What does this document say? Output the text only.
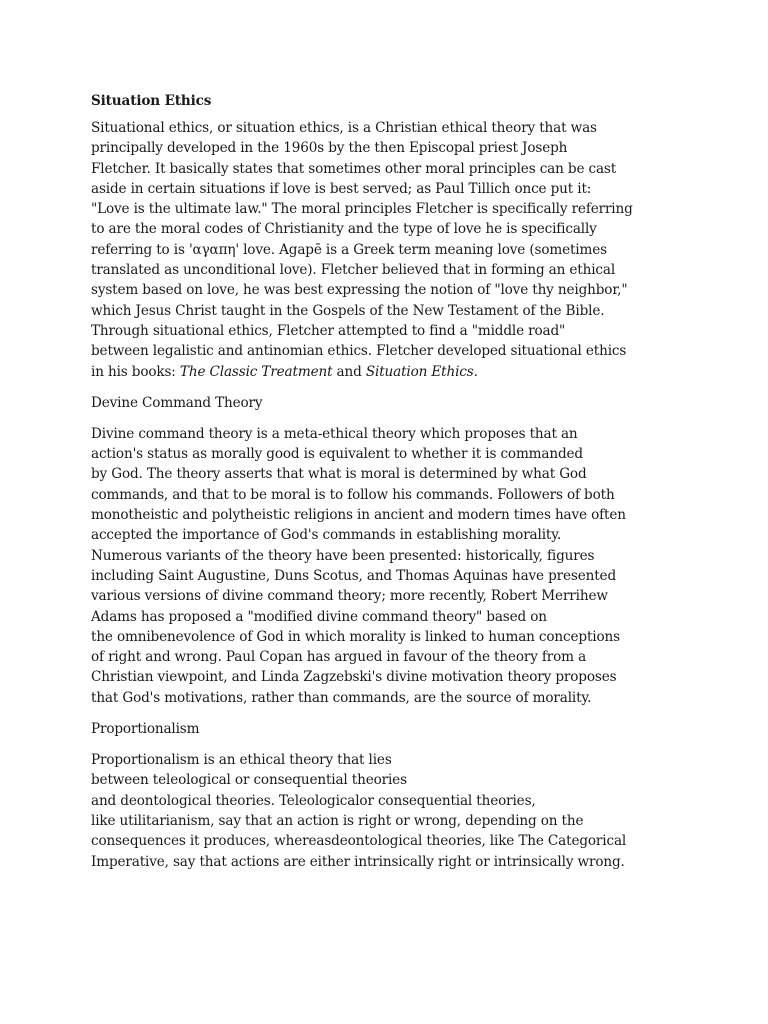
Situation Ethics
Situational ethics, or situation ethics, is a Christian ethical theory that was
principally developed in the 1960s by the then Episcopal priest Joseph
Fletcher. It basically states that sometimes other moral principles can be cast
aside in certain situations if love is best served; as Paul Tillich once put it:
"Love is the ultimate law." The moral principles Fletcher is specifically referring
to are the moral codes of Christianity and the type of love he is specifically
referring to is 'αγαπη' love. Agapē is a Greek term meaning love (sometimes
translated as unconditional love). Fletcher believed that in forming an ethical
system based on love, he was best expressing the notion of "love thy neighbor,"
which Jesus Christ taught in the Gospels of the New Testament of the Bible.
Through situational ethics, Fletcher attempted to find a "middle road"
between legalistic and antinomian ethics. Fletcher developed situational ethics
in his books: The Classic Treatment and Situation Ethics.
Devine Command Theory
Divine command theory is a meta-ethical theory which proposes that an
action's status as morally good is equivalent to whether it is commanded
by God. The theory asserts that what is moral is determined by what God
commands, and that to be moral is to follow his commands. Followers of both
monotheistic and polytheistic religions in ancient and modern times have often
accepted the importance of God's commands in establishing morality.
Numerous variants of the theory have been presented: historically, figures
including Saint Augustine, Duns Scotus, and Thomas Aquinas have presented
various versions of divine command theory; more recently, Robert Merrihew
Adams has proposed a "modified divine command theory" based on
the omnibenevolence of God in which morality is linked to human conceptions
of right and wrong. Paul Copan has argued in favour of the theory from a
Christian viewpoint, and Linda Zagzebski's divine motivation theory proposes
that God's motivations, rather than commands, are the source of morality.
Proportionalism
Proportionalism is an ethical theory that lies
between teleological or consequential theories
and deontological theories. Teleologicalor consequential theories,
like utilitarianism, say that an action is right or wrong, depending on the
consequences it produces, whereasdeontological theories, like The Categorical
Imperative, say that actions are either intrinsically right or intrinsically wrong.
